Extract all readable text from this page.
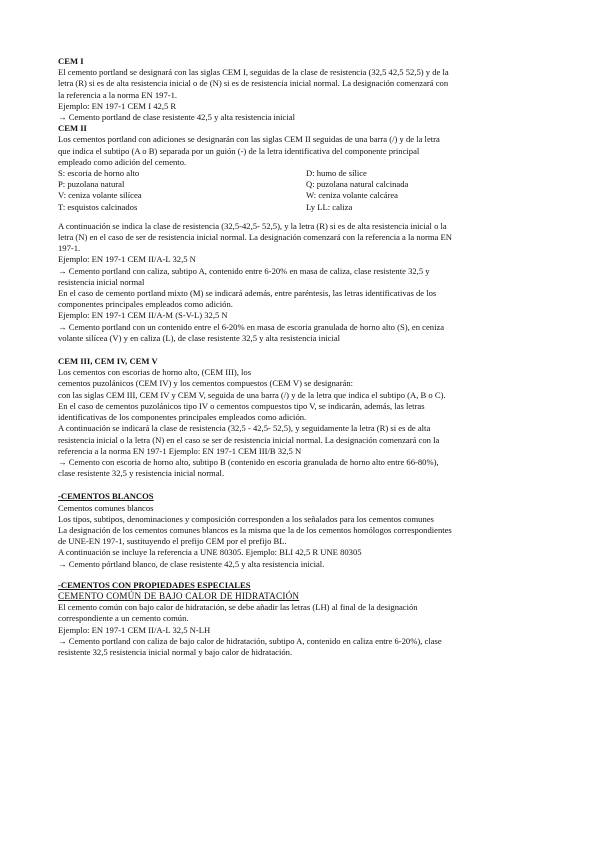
CEM I

El cemento portland se designará con las siglas CEM I, seguidas de la clase de resistencia (32,5 42,5 52,5) y de la

letra (R) si es de alta resistencia inicial o de (N) si es de resistencia inicial normal. La designación comenzará con

la referencia a la norma EN 197-1.

Ejemplo: EN 197-1 CEM I 42,5 R

→ Cemento portland de clase resistente 42,5 y alta resistencia inicial

CEM II

Los cementos portland con adiciones se designarán con las siglas CEM II seguidas de una barra (/) y de la letra

que indica el subtipo (A o B) separada por un guión (-) de la letra identificativa del componente principal

empleado como adición del cemento.

S: escoria de horno alto	D: humo de sílice
P: puzolana natural	Q: puzolana natural calcinada
V: ceniza volante silícea	W: ceniza volante calcárea
T: esquistos calcinados	Ly LL: caliza

A continuación se indica la clase de resistencia (32,5-42,5- 52,5), y la letra (R) si es de alta resistencia inicial o la

letra (N) en el caso de ser de resistencia inicial normal. La designación comenzará con la referencia a la norma EN

197-1.

Ejemplo: EN 197-1 CEM II/A-L 32,5 N

→ Cemento portland con caliza, subtipo A, contenido entre 6-20% en masa de caliza, clase resistente 32,5 y

resistencia inicial normal

En el caso de cemento portland mixto (M) se indicará además, entre paréntesis, las letras identificativas de los

componentes principales empleados como adición.

Ejemplo: EN 197-1 CEM II/A-M (S-V-L) 32,5 N

→ Cemento portland con un contenido entre el 6-20% en masa de escoria granulada de horno alto (S), en ceniza

volante silícea (V) y en caliza (L), de clase resistente 32,5 y alta resistencia inicial

CEM III, CEM IV, CEM V

Los cementos con escorias de horno alto, (CEM III), los

cementos puzolánicos (CEM IV) y los cementos compuestos (CEM V) se designarán:

con las siglas CEM III, CEM IV y CEM V, seguida de una barra (/) y de la letra que indica el subtipo (A, B o C).

En el caso de cementos puzolánicos tipo IV o cementos compuestos tipo V, se indicarán, además, las letras

identificativas de los componentes principales empleados como adición.

A continuación se indicará la clase de resistencia (32,5 - 42,5- 52,5), y seguidamente la letra (R) si es de alta

resistencia inicial o la letra (N) en el caso se ser de resistencia inicial normal. La designación comenzará con la

referencia a la norma EN 197-1 Ejemplo: EN 197-1 CEM III/B 32,5 N

→ Cemento con escoria de horno alto, subtipo B (contenido en escoria granulada de horno alto entre 66-80%),

clase resistente 32,5 y resistencia inicial normal.

-CEMENTOS BLANCOS

Cementos comunes blancos

Los tipos, subtipos, denominaciones y composición corresponden a los señalados para los cementos comunes

La designación de los cementos comunes blancos es la misma que la de los cementos homólogos correspondientes

de UNE-EN 197-1, sustituyendo el prefijo CEM por el prefijo BL.

A continuación se incluye la referencia a UNE 80305. Ejemplo: BLI 42,5 R UNE 80305

→ Cemento pórtland blanco, de clase resistente 42,5 y alta resistencia inicial.

-CEMENTOS CON PROPIEDADES ESPECIALES

CEMENTO COMÚN DE BAJO CALOR DE HIDRATACIÓN

El cemento común con bajo calor de hidratación, se debe añadir las letras (LH) al final de la designación

correspondiente a un cemento común.

Ejemplo: EN 197-1 CEM II/A-L 32,5 N-LH

→ Cemento portland con caliza de bajo calor de hidratación, subtipo A, contenido en caliza entre 6-20%), clase

resistente 32,5 resistencia inicial normal y bajo calor de hidratación.
